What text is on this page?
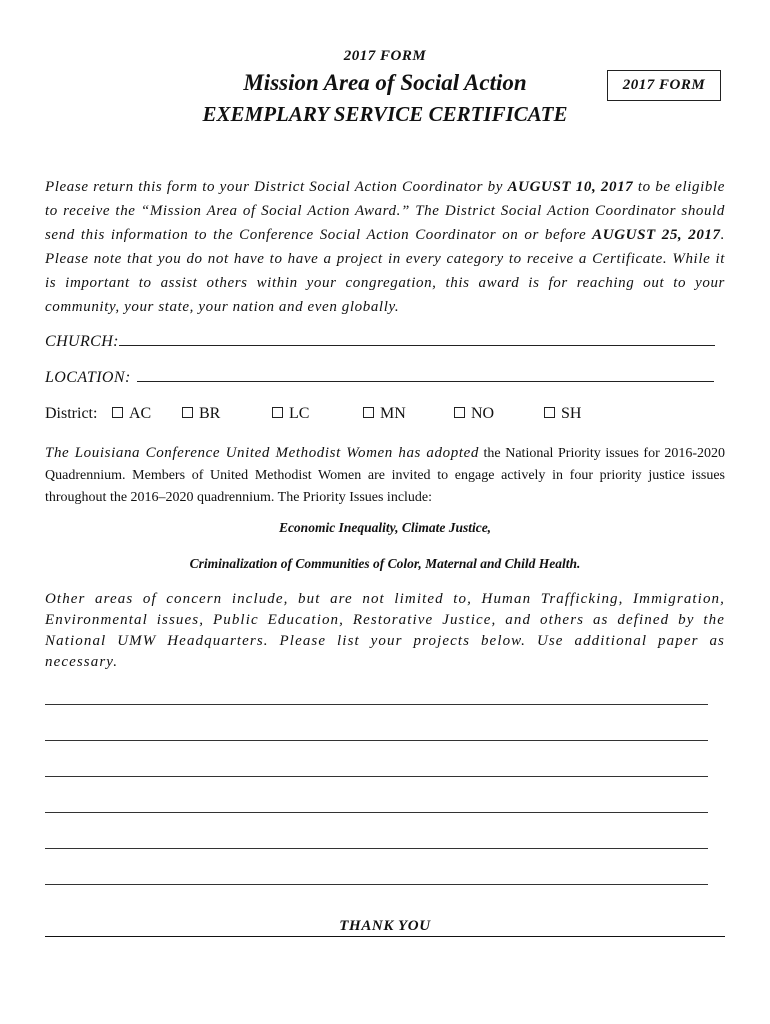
2017 FORM
Mission Area of Social Action
EXEMPLARY SERVICE CERTIFICATE
2017 FORM
Please return this form to your District Social Action Coordinator by AUGUST 10, 2017 to be eligible to receive the “Mission Area of Social Action Award.” The District Social Action Coordinator should send this information to the Conference Social Action Coordinator on or before AUGUST 25, 2017. Please note that you do not have to have a project in every category to receive a Certificate. While it is important to assist others within your congregation, this award is for reaching out to your community, your state, your nation and even globally.
CHURCH:
LOCATION:
District:	AC	BR	LC	MN	NO	SH
The Louisiana Conference United Methodist Women has adopted the National Priority issues for 2016-2020 Quadrennium. Members of United Methodist Women are invited to engage actively in four priority justice issues throughout the 2016–2020 quadrennium. The Priority Issues include:
Economic Inequality, Climate Justice,
Criminalization of Communities of Color, Maternal and Child Health.
Other areas of concern include, but are not limited to, Human Trafficking, Immigration, Environmental issues, Public Education, Restorative Justice, and others as defined by the National UMW Headquarters. Please list your projects below. Use additional paper as necessary.
THANK YOU
